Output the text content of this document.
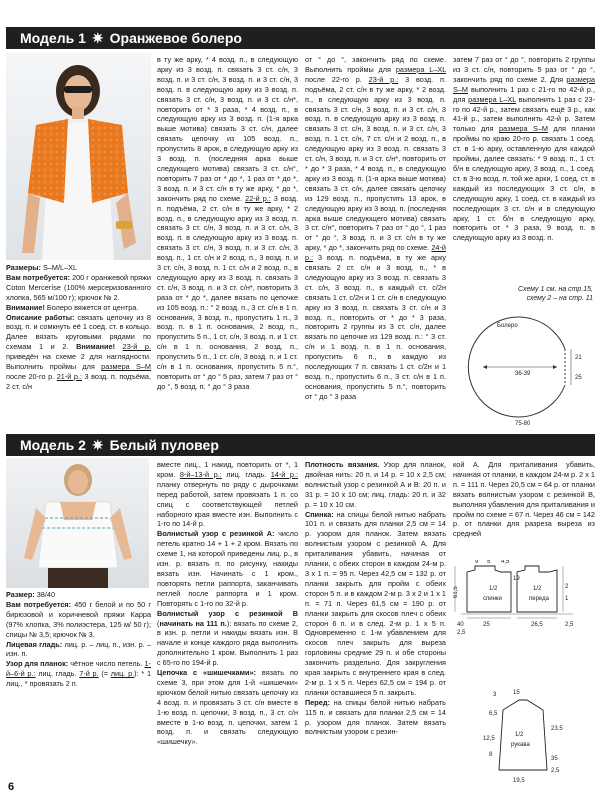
Модель 1 ✷ Оранжевое болеро

Размеры: S–M/L–XL

Вам потребуется: 200 г оранжевой пряжи Coton Merceríse (100% мерсеризованного хлопка, 565 м/100 г); крючок № 2.

Внимание! Болеро вяжется от центра.

Описание работы: связать цепочку из 8 возд. п. и сомкнуть её 1 соед. ст. в кольцо. Далее вязать круговыми рядами по схемам 1 и 2. Внимание! 23-й р. приведён на схеме 2 для наглядности. Выполнить проймы для размера S–M после 20-го р. 21-й р.: 3 возд. п. подъёма, 2 ст. с/н

в ту же арку, * 4 возд. п., в следующую арку из 3 возд. п. связать 3 ст. с/н, 3 возд. п. и 3 ст. с/н, 3 возд. п. и 3 ст. с/н, 3 возд. п. в следующую арку из 3 возд. п. связать 3 ст. с/н, 3 возд. п. и 3 ст. с/н*, повторить от * 3 раза, * 4 возд. п., в следующую арку из 3 возд. п. (1-я арка выше мотива) связать 3 ст. с/н, далее связать цепочку из 105 возд. п., пропустить 8 арок, в следующую арку из 3 возд. п. (последняя арка выше следующего мотива) связать 3 ст. с/н°, повторить 7 раз от * до *, 1 раз от * до *, 3 возд. п. и 3 ст. с/н в ту же арку, * до *, закончить ряд по схеме. 22-й р.: 3 возд. п. подъёма, 2 ст. с/н в ту же арку, * 2 возд. п., в следующую арку из 3 возд. п. связать 3 ст. с/н, 3 возд. п. и 3 ст. с/н, 3 возд. п. в следующую арку из 3 возд. п. связать 3 ст. с/н, 3 возд. п. и 3 ст. с/н, 3 возд. п., 1 ст. с/н и 2 возд. п., 3 возд. п. и 3 ст. с/н, 3 возд. п. 1 ст. с/н и 2 возд. п., в следующую арку из 3 возд. п. связать 3 ст. с/н, 3 возд. п. и 3 ст. с/н*, повторить 3 раза от * до *, далее вязать по цепочке из 105 возд. п.: ° 2 возд. п., 3 ст. с/н в 1 п. основания, 3 возд. п., пропустить 1 п., 3 возд. п. в 1 п. основания, 2 возд. п., пропустить 5 п., 1 ст. с/н, 3 возд. п. и 1 ст. с/н в 1 п. основания, 2 возд. п., пропустить 5 п., 1 ст. с/н, 3 возд. п. и 1 ст. с/н в 1 п. основания, пропустить 5 п.°, повторить от ° до ° 5 раз, затем 7 раз от ° до °, 5 возд. п. ° до ° 3 раза

от ° до °, закончить ряд по схеме. Выполнить проймы для размера L–XL после 22-го р. 23-й р.: 3 возд. п. подъёма, 2 ст. с/н в ту же арку, * 2 возд. п., в следующую арку из 3 возд. п. связать 3 ст. с/н, 3 возд. п. и 3 ст. с/н, 3 возд. п. в следующую арку из 3 возд. п. связать 3 ст. с/н, 3 возд. п. и 3 ст. с/н, 3 возд. п. 1 ст. с/н, 7 ст. с/н и 2 возд. п., в следующую арку из 3 возд. п. связать 3 ст. с/н, 3 возд. п. и 3 ст. с/н*, повторить от * до * 3 раза, * 4 возд. п., в следующую арку из 3 возд. п. (1-я арка выше мотива) связать 3 ст. с/н, далее связать цепочку из 129 возд. п., пропустить 13 арок, в следующую арку из 3 возд. п. (последняя арка выше следующего мотива) связать 3 ст. с/н°, повторить 7 раз от ° до °, 1 раз от ° до °, 3 возд. п. и 3 ст. с/н в ту же арку, * до *, закончить ряд по схеме. 24-й р.: 3 возд. п. подъёма, в ту же арку связать 2 ст. с/н и 3 возд. п., * в следующую арку из 3 возд. п. связать 3 ст. с/н, 3 возд. п., в каждый ст. с/2н связать 1 ст. с/2н и 1 ст. с/н в следующую арку из 3 возд. п. связать 3 ст. с/н и 3 возд. п., повторить от * до * 3 раза, повторить 2 группы из 3 ст. с/н, далее вязать по цепочке из 129 возд. п.: ° 3 ст. с/н и 1 возд. п. в 1 п. основания, пропустить 6 п., в каждую из последующих 7 п. связать 1 ст. с/2н и 1 возд. п., пропустить 6 п., 3 ст. с/н в 1 п. основания, пропустить 5 п.°, повторить от ° до ° 3 раза

затем 7 раз от ° до °, повторить 2 группы из 3 ст. с/н, повторить 5 раз от ° до °, закончить ряд по схеме 2. Для размера S–M выполнить 1 раз с 21-го по 42-й р., для размера L–XL выполнить 1 раз с 23-го по 42-й р., затем связать ещё 3 р., как 41-й р., затем выполнить 42-й р. Затем только для размера S–M для планки проймы по краю 20-го р. связать 1 соед. ст. в 1-ю арку, оставленную для каждой проймы, далее связать: * 9 возд. п., 1 ст. б/н в следующую арку, 3 возд. п., 1 соед. ст. в 3-ю возд. п. той же арки, 1 соед. ст. в каждый из последующих 3 ст. с/н, в следующую арку, 1 соед. ст. в каждый из последующих 3 ст. с/н и в следующую арку, 1 ст. б/н в следующую арку, повторить от * 3 раза, 9 возд. п. в следующую арку из 3 возд. п.

Схему 1 см. на стр.15,
схему 2 – на стр. 11
Болеро
36-39
21
25
75-80
Модель 2 ✷ Белый пуловер

Размер: 38/40

Вам потребуется: 450 г белой и по 50 г бирюзовой и коричневой пряжи Карра (97% хлопка, 3% полиэстера, 125 м/ 50 г); спицы № 3,5; крючок № 3.

Лицевая гладь: лиц. р. – лиц. п., изн. р. – изн. п.

Узор для планок: чётное число петель. 1-й–6-й р.: лиц. гладь. 7-й р. (= лиц. р.): * 1 лиц., * провязать 2 п.

вместе лиц., 1 накид, повторить от *, 1 кром. 8-й–13-й р.: лиц. гладь. 14-й р.: планку отвернуть по ряду с дырочками перед работой, затем провязать 1 п. со спиц с соответствующей петлей наборного края вместе изн. Выполнить с 1-го по 14-й р.

Волнистый узор с резинкой А: число петель кратно 14 + 1 + 2 кром. Вязать по схеме 1, на которой приведены лиц. р., в изн. р. вязать п. по рисунку, накиды вязать изн. Начинать с 1 кром., повторять петли раппорта, заканчивать петлей после раппорта и 1 кром. Повторять с 1-го по 32-й р.

Волнистый узор с резинкой В (начинать на 111 п.): вязать по схеме 2, в изн. р. петли и накиды вязать изн. В начале и конце каждого ряда выполнить дополнительно 1 кром. Выполнить 1 раз с 65-го по 194-й р.

Цепочка с «шишечками»: вязать по схеме 3, при этом для 1-й «шишечки» крючком белой нитью связать цепочку из 4 возд. п. и провязать 3 ст. с/н вместе в 1-ю возд. п. цепочки, 3 возд. п., 3 ст. с/н вместе в 1-ю возд. п. цепочки, затем 1 возд. п. и связать следующую «шишечку».

Плотность вязания. Узор для планок, двойная нить: 20 п. и 14 р. = 10 х 2,5 см; волнистый узор с резинкой А и В: 20 п. и 31 р. = 10 х 10 см; лиц. гладь: 20 п. и 32 р. = 10 х 10 см.

Спинка: на спицы белой нитью набрать 101 п. и связать для планки 2,5 см = 14 р. узором для планок. Затем вязать волнистым узором с резинкой А. Для приталивания убавить, начиная от планки, с обеих сторон в каждом 24-м р. 3 х 1 п. = 95 п. Через 42,5 см = 132 р. от планки закрыть для пройм с обеих сторон 5 п. и в каждом 2-м р. 3 х 2 и 1 х 1 п. = 71 п. Через 61,5 см = 190 р. от планки закрыть для скосов плеч с обеих сторон 6 п. и в след. 2-м р. 1 х 5 п. Одновременно с 1-м убавлением для скосов плеч закрыть для выреза горловины средние 29 п. и обе стороны закончить раздельно. Для закругления края закрыть с внутреннего края в след. 2-м р. 1 х 5 п. Через 62,5 см = 194 р. от планки оставшиеся 5 п. закрыть.

Перед: на спицы белой нитью набрать 115 п. и связать для планки 2,5 см = 14 р. узором для планок. Затем вязать волнистым узором с резин-

кой А. Для приталивания убавить, начиная от планки, в каждом 24-м р. 2 х 1 п. = 111 п. Через 20,5 см = 64 р. от планки вязать волнистым узором с резинкой В, выполняя убавления для приталивания и пройм по схеме = 67 п. Через 46 см = 142 р. от планки для разреза выреза из средней

9 5 4,5
19
2
1
61,5	1/2
спинки
1/2
переда
40
2,5
25	26,5	2,5
3	15
23,5
6,5
12,5
8
35
1/2
рукава
19,5
2,5
6
